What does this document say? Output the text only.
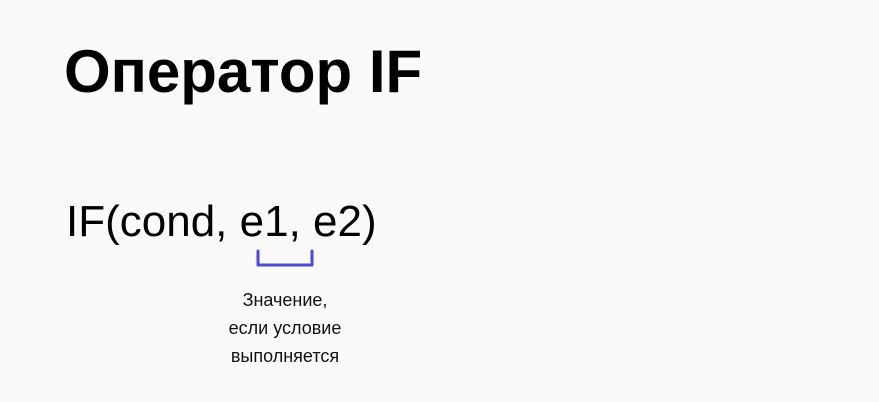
Оператор IF
IF(cond, e1, e2)
Значение,
если условие
выполняется
